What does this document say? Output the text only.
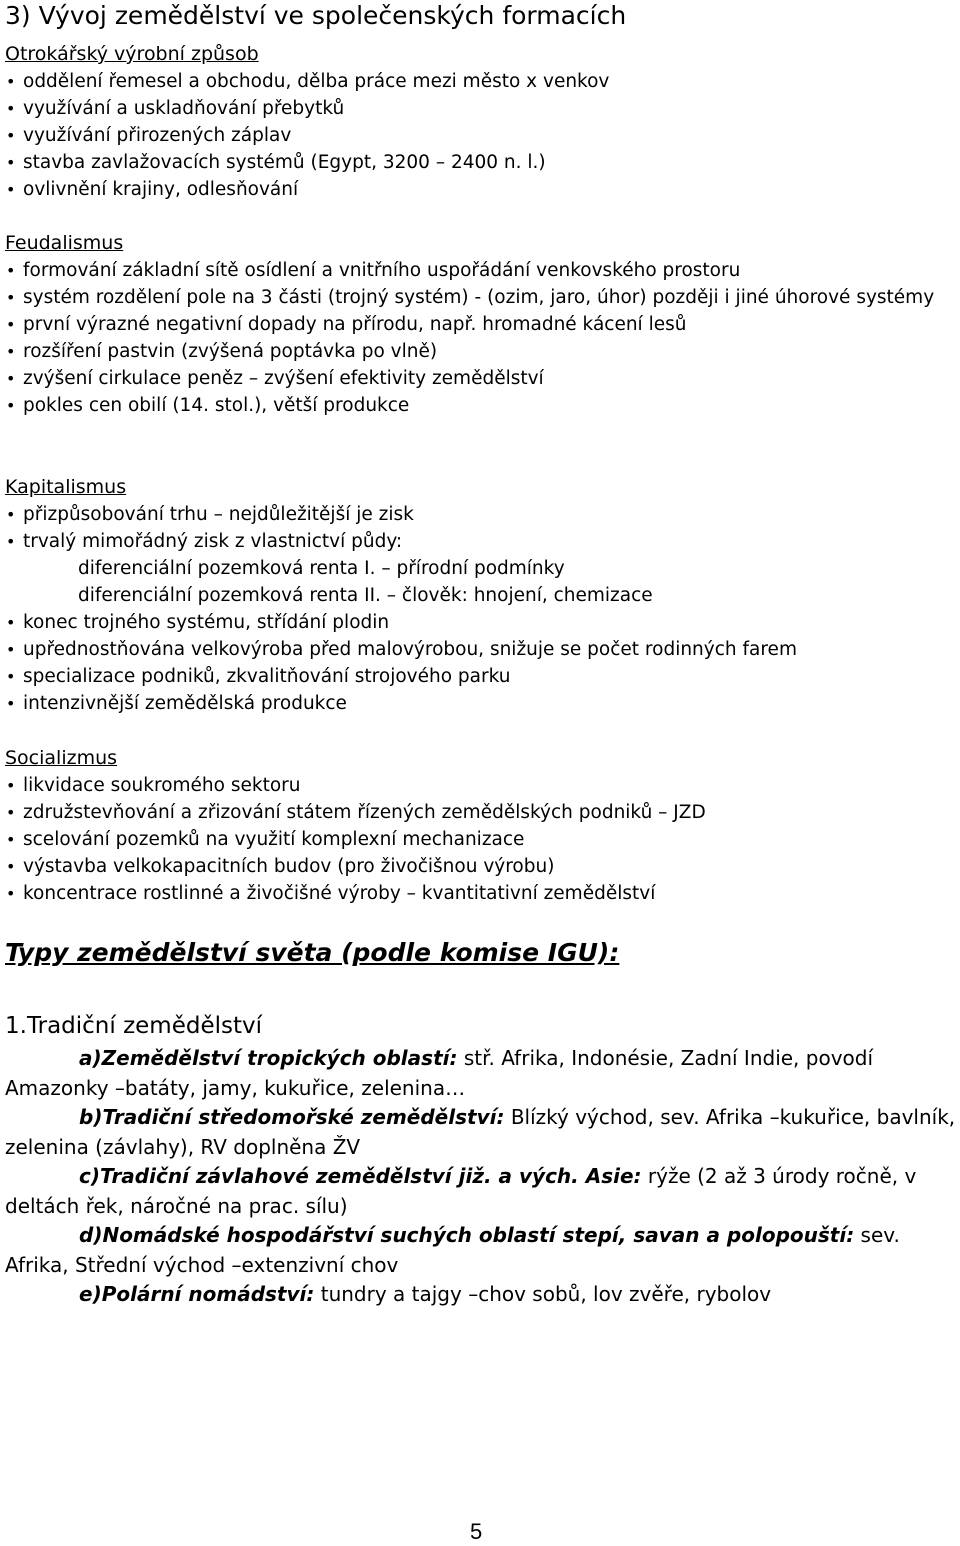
3) Vývoj zemědělství ve společenských formacích
Otrokářský výrobní způsob
• oddělení řemesel a obchodu, dělba práce mezi město x venkov
• využívání a uskladňování přebytků
• využívání přirozených záplav
• stavba zavlažovacích systémů (Egypt, 3200 – 2400 n. l.)
• ovlivnění krajiny, odlesňování
Feudalismus
• formování základní sítě osídlení a vnitřního uspořádání venkovského prostoru
• systém rozdělení pole na 3 části (trojný systém) - (ozim, jaro, úhor) později i jiné úhorové systémy
• první výrazné negativní dopady na přírodu, např. hromadné kácení lesů
• rozšíření pastvin (zvýšená poptávka po vlně)
• zvýšení cirkulace peněz – zvýšení efektivity zemědělství
• pokles cen obilí (14. stol.), větší produkce
Kapitalismus
• přizpůsobování trhu – nejdůležitější je zisk
• trvalý mimořádný zisk z vlastnictví půdy:
diferenciální pozemková renta I. – přírodní podmínky
diferenciální pozemková renta II. – člověk: hnojení, chemizace
• konec trojného systému, střídání plodin
• upřednostňována velkovýroba před malovýrobou, snižuje se počet rodinných farem
• specializace podniků, zkvalitňování strojového parku
• intenzivnější zemědělská produkce
Socializmus
• likvidace soukromého sektoru
• združstevňování a zřizování státem řízených zemědělských podniků – JZD
• scelování pozemků na využití komplexní mechanizace
• výstavba velkokapacitních budov (pro živočišnou výrobu)
• koncentrace rostlinné a živočišné výroby – kvantitativní zemědělství
Typy zemědělství světa (podle komise IGU):
1.Tradiční zemědělství

a)Zemědělství tropických oblastí: stř. Afrika, Indonésie, Zadní Indie, povodí Amazonky –batáty, jamy, kukuřice, zelenina…

b)Tradiční středomořské zemědělství: Blízký východ, sev. Afrika –kukuřice, bavlník, zelenina (závlahy), RV doplněna ŽV

c)Tradiční závlahové zemědělství již. a vých. Asie: rýže (2 až 3 úrody ročně, v deltách řek, náročné na prac. sílu)

d)Nomádské hospodářství suchých oblastí stepí, savan a polopouští: sev. Afrika, Střední východ –extenzivní chov

e)Polární nomádství: tundry a tajgy –chov sobů, lov zvěře, rybolov

5
